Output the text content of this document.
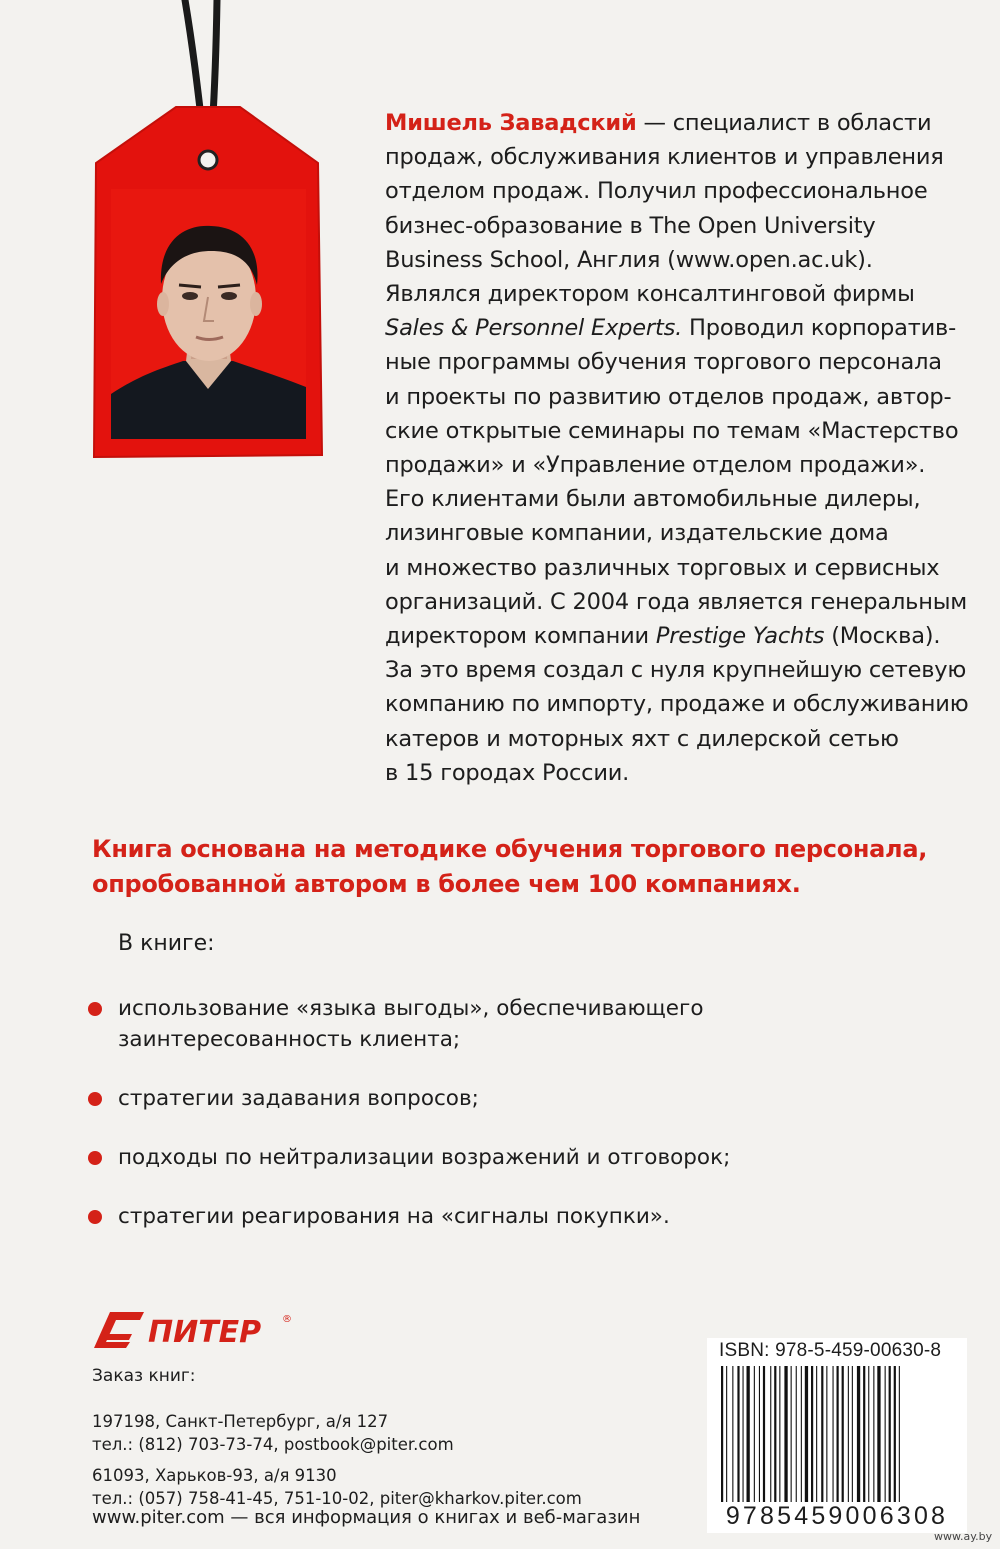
Мишель Завадский — специалист в области
продаж, обслуживания клиентов и управления
отделом продаж. Получил профессиональное
бизнес-образование в The Open University
Business School, Англия (www.open.ac.uk).
Являлся директором консалтинговой фирмы
Sales & Personnel Experts. Проводил корпоратив-
ные программы обучения торгового персонала
и проекты по развитию отделов продаж, автор-
ские открытые семинары по темам «Мастерство
продажи» и «Управление отделом продажи».
Его клиентами были автомобильные дилеры,
лизинговые компании, издательские дома
и множество различных торговых и сервисных
организаций. С 2004 года является генеральным
директором компании Prestige Yachts (Москва).
За это время создал с нуля крупнейшую сетевую
компанию по импорту, продаже и обслуживанию
катеров и моторных яхт с дилерской сетью
в 15 городах России.
Книга основана на методике обучения торгового персонала,
опробованной автором в более чем 100 компаниях.
В книге:
использование «языка выгоды», обеспечивающего
заинтересованность клиента;
стратегии задавания вопросов;
подходы по нейтрализации возражений и отговорок;
стратегии реагирования на «сигналы покупки».
ПИТЕР ®
Заказ книг:
197198, Санкт-Петербург, а/я 127
тел.: (812) 703-73-74, postbook@piter.com
61093, Харьков-93, а/я 9130
тел.: (057) 758-41-45, 751-10-02, piter@kharkov.piter.com
www.piter.com — вся информация о книгах и веб-магазин
ISBN: 978-5-459-00630-8
9785459006308
www.ay.by
